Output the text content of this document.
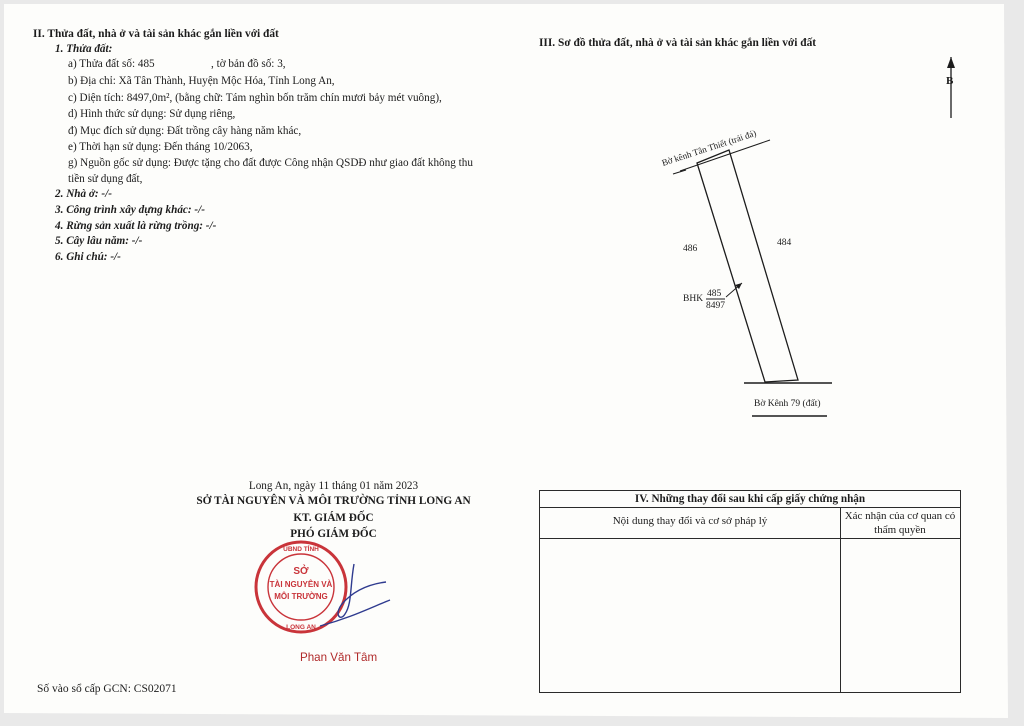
II. Thửa đất, nhà ở và tài sản khác gắn liền với đất
1. Thửa đất:
a) Thửa đất số: 485	, tờ bản đồ số: 3,
b) Địa chỉ: Xã Tân Thành, Huyện Mộc Hóa, Tỉnh Long An,
c) Diện tích: 8497,0m², (bằng chữ: Tám nghìn bốn trăm chín mươi bảy mét vuông),
d) Hình thức sử dụng: Sử dụng riêng,
đ) Mục đích sử dụng: Đất trồng cây hàng năm khác,
e) Thời hạn sử dụng: Đến tháng 10/2063,
g) Nguồn gốc sử dụng: Được tặng cho đất được Công nhận QSDĐ như giao đất không thu
tiền sử dụng đất,
2. Nhà ở: -/-
3. Công trình xây dựng khác: -/-
4. Rừng sản xuất là rừng trồng: -/-
5. Cây lâu năm: -/-
6. Ghi chú: -/-
III. Sơ đồ thửa đất, nhà ở và tài sản khác gắn liền với đất
B
Bờ kênh Tân Thiết (trải đá)
Bờ Kênh 79 (đất)
486
484
BHK 485
8497
Long An, ngày 11 tháng 01 năm 2023
SỞ TÀI NGUYÊN VÀ MÔI TRƯỜNG TỈNH LONG AN
KT. GIÁM ĐỐC
PHÓ GIÁM ĐỐC
SỞ
TÀI NGUYÊN VÀ
MÔI TRƯỜNG
UBND TỈNH
LONG AN
Phan Văn Tâm
Số vào sổ cấp GCN: CS02071
IV. Những thay đổi sau khi cấp giấy chứng nhận
Nội dung thay đổi và cơ sở pháp lý	Xác nhận của cơ quan có thẩm quyền
